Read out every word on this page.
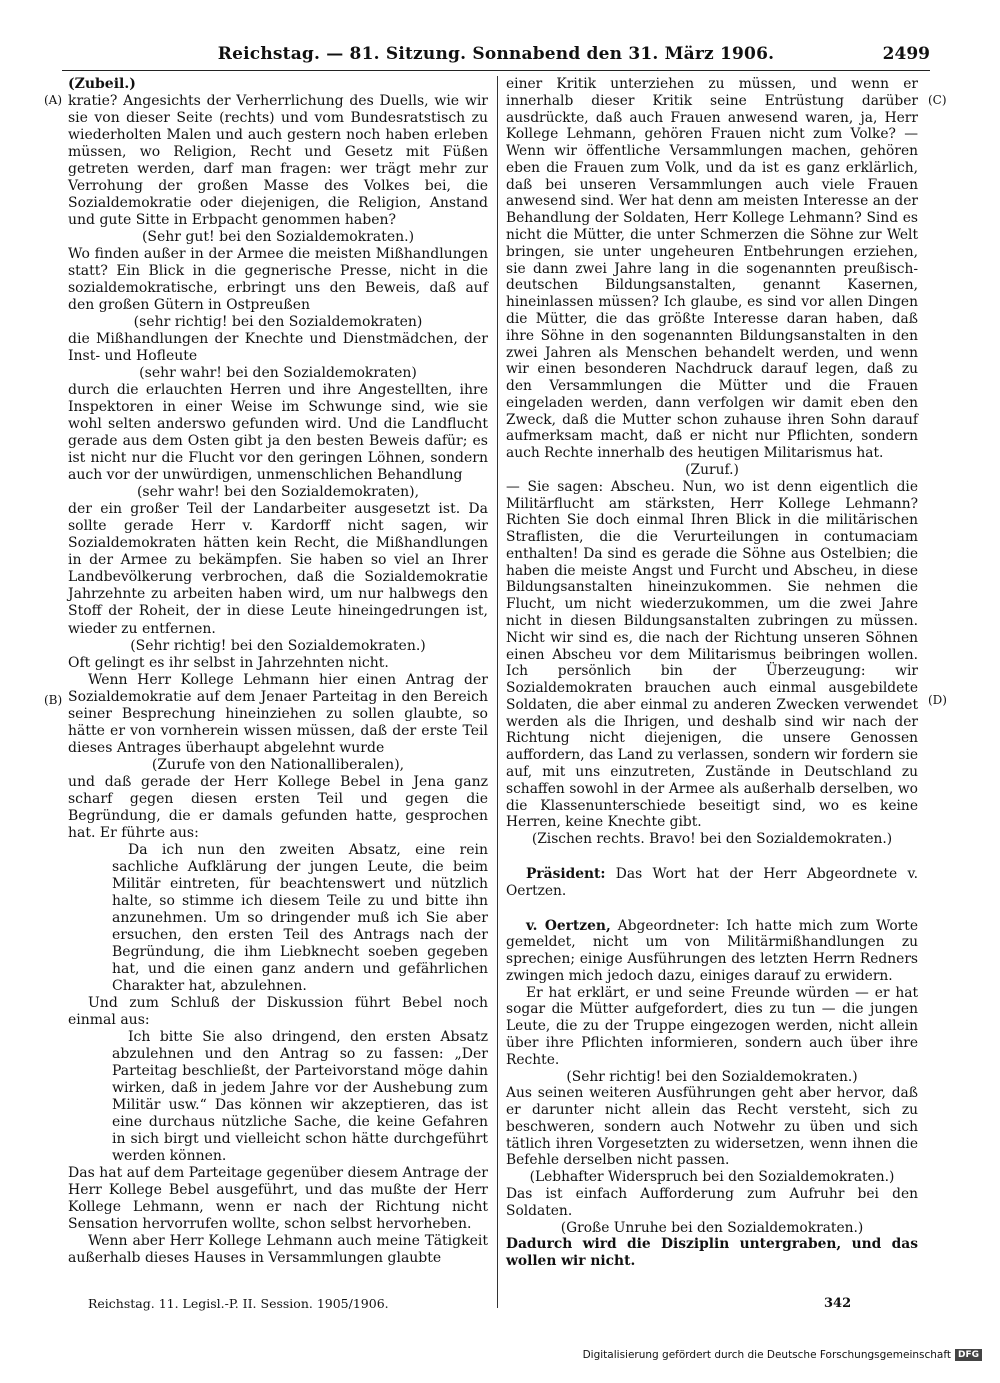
Reichstag. — 81. Sitzung. Sonnabend den 31. März 1906.	2499
(A)
(B)
(C)
(D)

(Zubeil.)

kratie? Angesichts der Verherrlichung des Duells, wie wir sie von dieser Seite (rechts) und vom Bundesratstisch zu wiederholten Malen und auch gestern noch haben erleben müssen, wo Religion, Recht und Gesetz mit Füßen getreten werden, darf man fragen: wer trägt mehr zur Verrohung der großen Masse des Volkes bei, die Sozialdemokratie oder diejenigen, die Religion, Anstand und gute Sitte in Erbpacht genommen haben?

(Sehr gut! bei den Sozialdemokraten.)

Wo finden außer in der Armee die meisten Mißhandlungen statt? Ein Blick in die gegnerische Presse, nicht in die sozialdemokratische, erbringt uns den Beweis, daß auf den großen Gütern in Ostpreußen

(sehr richtig! bei den Sozialdemokraten)

die Mißhandlungen der Knechte und Dienstmädchen, der Inst- und Hofleute

(sehr wahr! bei den Sozialdemokraten)

durch die erlauchten Herren und ihre Angestellten, ihre Inspektoren in einer Weise im Schwunge sind, wie sie wohl selten anderswo gefunden wird. Und die Landflucht gerade aus dem Osten gibt ja den besten Beweis dafür; es ist nicht nur die Flucht vor den geringen Löhnen, sondern auch vor der unwürdigen, unmenschlichen Behandlung

(sehr wahr! bei den Sozialdemokraten),

der ein großer Teil der Landarbeiter ausgesetzt ist. Da sollte gerade Herr v. Kardorff nicht sagen, wir Sozialdemokraten hätten kein Recht, die Mißhandlungen in der Armee zu bekämpfen. Sie haben so viel an Ihrer Landbevölkerung verbrochen, daß die Sozialdemokratie Jahrzehnte zu arbeiten haben wird, um nur halbwegs den Stoff der Roheit, der in diese Leute hineingedrungen ist, wieder zu entfernen.

(Sehr richtig! bei den Sozialdemokraten.)

Oft gelingt es ihr selbst in Jahrzehnten nicht.

Wenn Herr Kollege Lehmann hier einen Antrag der Sozialdemokratie auf dem Jenaer Parteitag in den Bereich seiner Besprechung hineinziehen zu sollen glaubte, so hätte er von vornherein wissen müssen, daß der erste Teil dieses Antrages überhaupt abgelehnt wurde

(Zurufe von den Nationalliberalen),

und daß gerade der Herr Kollege Bebel in Jena ganz scharf gegen diesen ersten Teil und gegen die Begründung, die er damals gefunden hatte, gesprochen hat. Er führte aus:

Da ich nun den zweiten Absatz, eine rein sachliche Aufklärung der jungen Leute, die beim Militär eintreten, für beachtenswert und nützlich halte, so stimme ich diesem Teile zu und bitte ihn anzunehmen. Um so dringender muß ich Sie aber ersuchen, den ersten Teil des Antrags nach der Begründung, die ihm Liebknecht soeben gegeben hat, und die einen ganz andern und gefährlichen Charakter hat, abzulehnen.

Und zum Schluß der Diskussion führt Bebel noch einmal aus:

Ich bitte Sie also dringend, den ersten Absatz abzulehnen und den Antrag so zu fassen: „Der Parteitag beschließt, der Parteivorstand möge dahin wirken, daß in jedem Jahre vor der Aushebung zum Militär usw.“ Das können wir akzeptieren, das ist eine durchaus nützliche Sache, die keine Gefahren in sich birgt und vielleicht schon hätte durchgeführt werden können.

Das hat auf dem Parteitage gegenüber diesem Antrage der Herr Kollege Bebel ausgeführt, und das mußte der Herr Kollege Lehmann, wenn er nach der Richtung nicht Sensation hervorrufen wollte, schon selbst hervorheben.

Wenn aber Herr Kollege Lehmann auch meine Tätigkeit außerhalb dieses Hauses in Versammlungen glaubte

einer Kritik unterziehen zu müssen, und wenn er innerhalb dieser Kritik seine Entrüstung darüber ausdrückte, daß auch Frauen anwesend waren, ja, Herr Kollege Lehmann, gehören Frauen nicht zum Volke? — Wenn wir öffentliche Versammlungen machen, gehören eben die Frauen zum Volk, und da ist es ganz erklärlich, daß bei unseren Versammlungen auch viele Frauen anwesend sind. Wer hat denn am meisten Interesse an der Behandlung der Soldaten, Herr Kollege Lehmann? Sind es nicht die Mütter, die unter Schmerzen die Söhne zur Welt bringen, sie unter ungeheuren Entbehrungen erziehen, sie dann zwei Jahre lang in die sogenannten preußisch-deutschen Bildungsanstalten, genannt Kasernen, hineinlassen müssen? Ich glaube, es sind vor allen Dingen die Mütter, die das größte Interesse daran haben, daß ihre Söhne in den sogenannten Bildungsanstalten in den zwei Jahren als Menschen behandelt werden, und wenn wir einen besonderen Nachdruck darauf legen, daß zu den Versammlungen die Mütter und die Frauen eingeladen werden, dann verfolgen wir damit eben den Zweck, daß die Mutter schon zuhause ihren Sohn darauf aufmerksam macht, daß er nicht nur Pflichten, sondern auch Rechte innerhalb des heutigen Militarismus hat.

(Zuruf.)

— Sie sagen: Abscheu. Nun, wo ist denn eigentlich die Militärflucht am stärksten, Herr Kollege Lehmann? Richten Sie doch einmal Ihren Blick in die militärischen Straflisten, die die Verurteilungen in contumaciam enthalten! Da sind es gerade die Söhne aus Ostelbien; die haben die meiste Angst und Furcht und Abscheu, in diese Bildungsanstalten hineinzukommen. Sie nehmen die Flucht, um nicht wiederzukommen, um die zwei Jahre nicht in diesen Bildungsanstalten zubringen zu müssen. Nicht wir sind es, die nach der Richtung unseren Söhnen einen Abscheu vor dem Militarismus beibringen wollen. Ich persönlich bin der Überzeugung: wir Sozialdemokraten brauchen auch einmal ausgebildete Soldaten, die aber einmal zu anderen Zwecken verwendet werden als die Ihrigen, und deshalb sind wir nach der Richtung nicht diejenigen, die unsere Genossen auffordern, das Land zu verlassen, sondern wir fordern sie auf, mit uns einzutreten, Zustände in Deutschland zu schaffen sowohl in der Armee als außerhalb derselben, wo die Klassenunterschiede beseitigt sind, wo es keine Herren, keine Knechte gibt.

(Zischen rechts. Bravo! bei den Sozialdemokraten.)

Präsident: Das Wort hat der Herr Abgeordnete v. Oertzen.

v. Oertzen, Abgeordneter: Ich hatte mich zum Worte gemeldet, nicht um von Militärmißhandlungen zu sprechen; einige Ausführungen des letzten Herrn Redners zwingen mich jedoch dazu, einiges darauf zu erwidern.

Er hat erklärt, er und seine Freunde würden — er hat sogar die Mütter aufgefordert, dies zu tun — die jungen Leute, die zu der Truppe eingezogen werden, nicht allein über ihre Pflichten informieren, sondern auch über ihre Rechte.

(Sehr richtig! bei den Sozialdemokraten.)

Aus seinen weiteren Ausführungen geht aber hervor, daß er darunter nicht allein das Recht versteht, sich zu beschweren, sondern auch Notwehr zu üben und sich tätlich ihren Vorgesetzten zu widersetzen, wenn ihnen die Befehle derselben nicht passen.

(Lebhafter Widerspruch bei den Sozialdemokraten.)

Das ist einfach Aufforderung zum Aufruhr bei den Soldaten.

(Große Unruhe bei den Sozialdemokraten.)

Dadurch wird die Disziplin untergraben, und das wollen wir nicht.

Reichstag. 11. Legisl.-P. II. Session. 1905/1906.	342
Digitalisierung gefördert durch die Deutsche Forschungsgemeinschaft DFG
